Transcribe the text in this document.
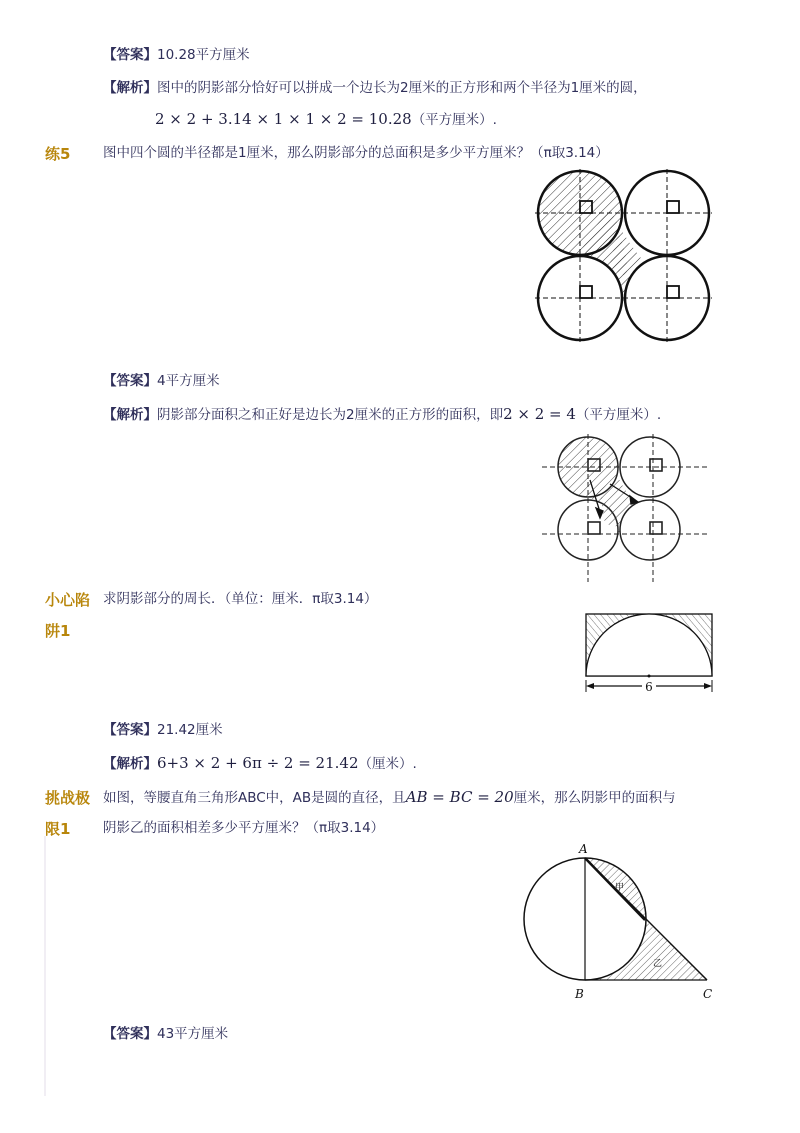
【答案】10.28平方厘米
【解析】图中的阴影部分恰好可以拼成一个边长为2厘米的正方形和两个半径为1厘米的圆，
2 × 2 + 3.14 × 1 × 1 × 2 = 10.28（平方厘米）.
练5 图中四个圆的半径都是1厘米，那么阴影部分的总面积是多少平方厘米？（π取3.14）
【答案】4平方厘米
【解析】阴影部分面积之和正好是边长为2厘米的正方形的面积，即2 × 2 = 4（平方厘米）.
小心陷
阱1
求阴影部分的周长．（单位：厘米．π取3.14）
6
【答案】21.42厘米
【解析】6+3 × 2 + 6π ÷ 2 = 21.42（厘米）.
挑战极
限1
如图，等腰直角三角形ABC中，AB是圆的直径，且AB = BC = 20厘米，那么阴影甲的面积与
阴影乙的面积相差多少平方厘米？（π取3.14）
A
B	C
甲
乙
【答案】43平方厘米
